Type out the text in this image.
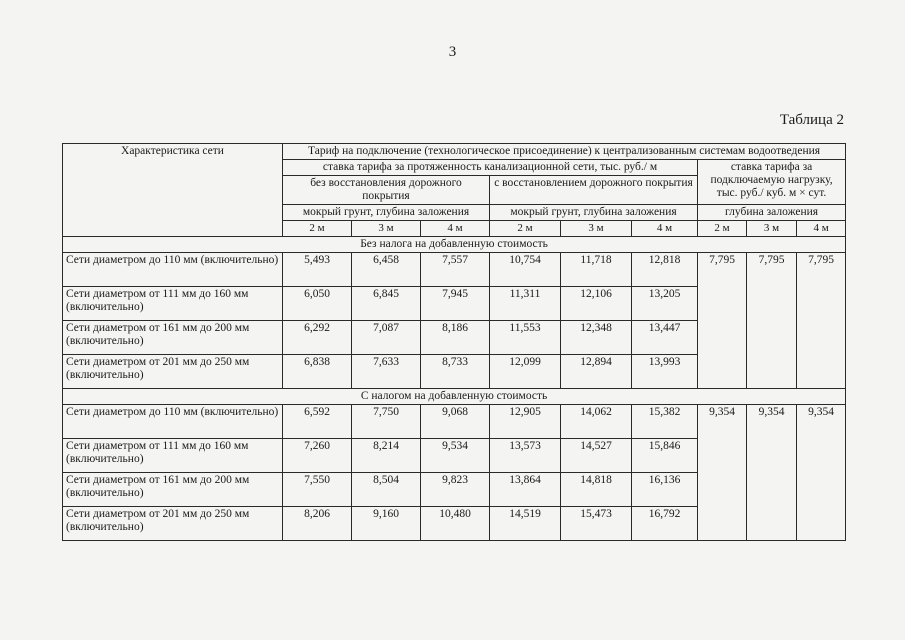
3
Таблица 2
Характеристика сети	Тариф на подключение (технологическое присоединение) к централизованным системам водоотведения								
	ставка тарифа за протяженность канализационной сети, тыс. руб./ м						ставка тарифа за подключаемую нагрузку, тыс. руб./ куб. м × сут.		
	без восстановления дорожного покрытия			с восстановлением дорожного покрытия					
	мокрый грунт, глубина заложения			мокрый грунт, глубина заложения			глубина заложения		
	2 м	3 м	4 м	2 м	3 м	4 м	2 м	3 м	4 м
Без налога на добавленную стоимость									
Сети диаметром до 110 мм (включительно)	5,493	6,458	7,557	10,754	11,718	12,818	7,795	7,795	7,795
Сети диаметром от 111 мм до 160 мм (включительно)	6,050	6,845	7,945	11,311	12,106	13,205			
Сети диаметром от 161 мм до 200 мм (включительно)	6,292	7,087	8,186	11,553	12,348	13,447			
Сети диаметром от 201 мм до 250 мм (включительно)	6,838	7,633	8,733	12,099	12,894	13,993			
С налогом на добавленную стоимость									
Сети диаметром до 110 мм (включительно)	6,592	7,750	9,068	12,905	14,062	15,382	9,354	9,354	9,354
Сети диаметром от 111 мм до 160 мм (включительно)	7,260	8,214	9,534	13,573	14,527	15,846			
Сети диаметром от 161 мм до 200 мм (включительно)	7,550	8,504	9,823	13,864	14,818	16,136			
Сети диаметром от 201 мм до 250 мм (включительно)	8,206	9,160	10,480	14,519	15,473	16,792			
